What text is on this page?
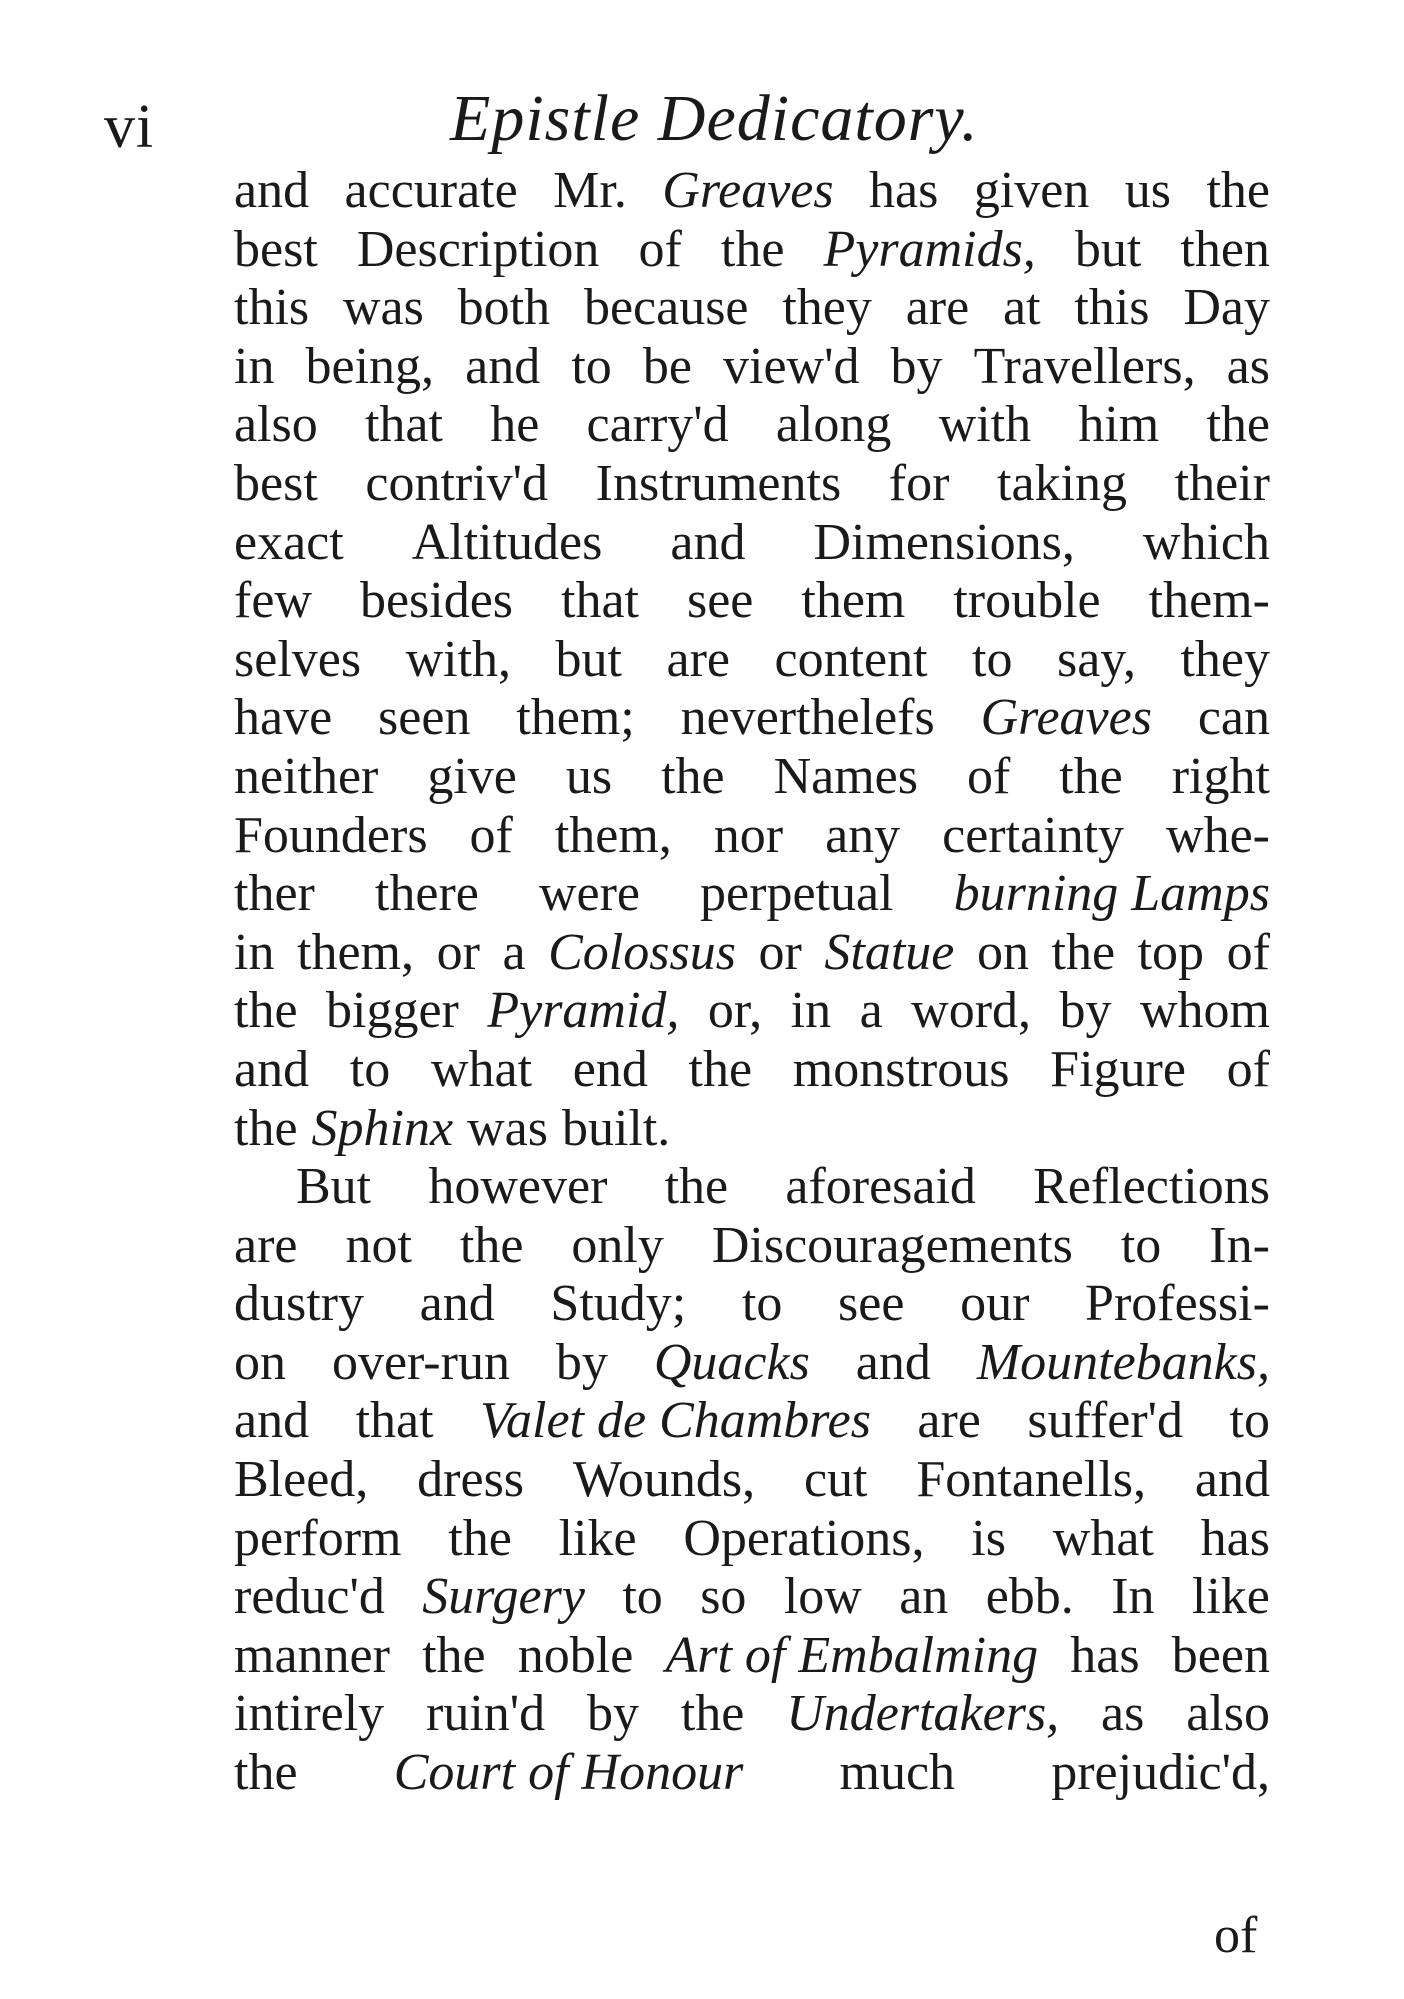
vi	Epistle Dedicatory.
and accurate Mr. Greaves has given us the
best Description of the Pyramids, but then
this was both because they are at this Day
in being, and to be view'd by Travellers, as
also that he carry'd along with him the
best contriv'd Instruments for taking their
exact Altitudes and Dimensions, which
few besides that see them trouble them-
selves with, but are content to say, they
have seen them; neverthelefs Greaves can
neither give us the Names of the right
Founders of them, nor any certainty whe-
ther there were perpetual burning Lamps
in them, or a Colossus or Statue on the top of
the bigger Pyramid, or, in a word, by whom
and to what end the monstrous Figure of
the Sphinx was built.
But however the aforesaid Reflections
are not the only Discouragements to In-
dustry and Study; to see our Professi-
on over-run by Quacks and Mountebanks,
and that Valet de Chambres are suffer'd to
Bleed, dress Wounds, cut Fontanells, and
perform the like Operations, is what has
reduc'd Surgery to so low an ebb. In like
manner the noble Art of Embalming has been
intirely ruin'd by the Undertakers, as also
the Court of Honour much prejudic'd,
of
